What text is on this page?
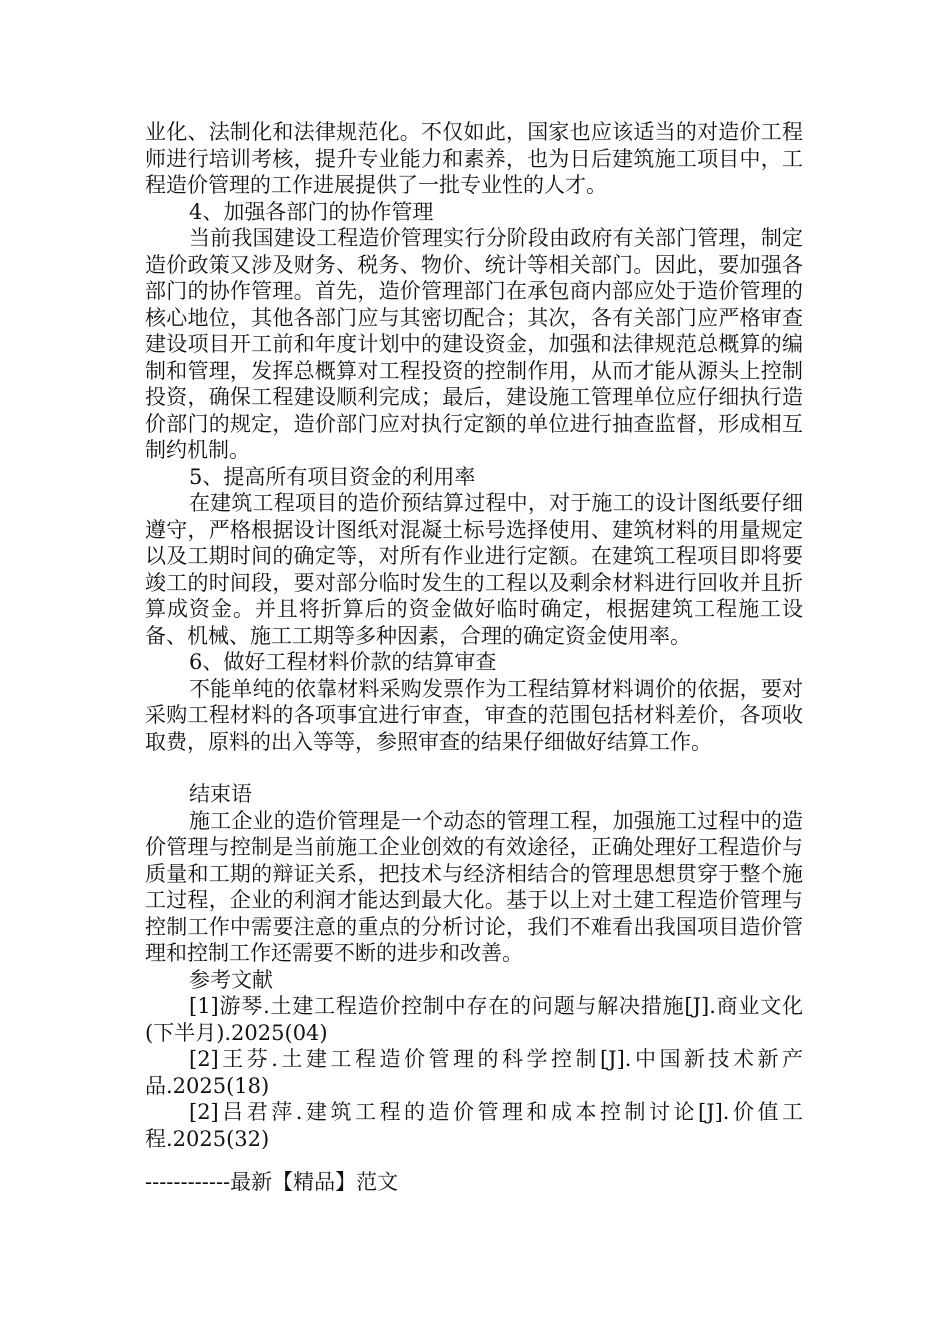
业化、法制化和法律规范化。不仅如此，国家也应该适当的对造价工程师进行培训考核，提升专业能力和素养，也为日后建筑施工项目中，工程造价管理的工作进展提供了一批专业性的人才。

4、加强各部门的协作管理

当前我国建设工程造价管理实行分阶段由政府有关部门管理，制定造价政策又涉及财务、税务、物价、统计等相关部门。因此，要加强各部门的协作管理。首先，造价管理部门在承包商内部应处于造价管理的核心地位，其他各部门应与其密切配合；其次，各有关部门应严格审查建设项目开工前和年度计划中的建设资金，加强和法律规范总概算的编制和管理，发挥总概算对工程投资的控制作用，从而才能从源头上控制投资，确保工程建设顺利完成；最后，建设施工管理单位应仔细执行造价部门的规定，造价部门应对执行定额的单位进行抽查监督，形成相互制约机制。

5、提高所有项目资金的利用率

在建筑工程项目的造价预结算过程中，对于施工的设计图纸要仔细遵守，严格根据设计图纸对混凝土标号选择使用、建筑材料的用量规定以及工期时间的确定等，对所有作业进行定额。在建筑工程项目即将要竣工的时间段，要对部分临时发生的工程以及剩余材料进行回收并且折算成资金。并且将折算后的资金做好临时确定，根据建筑工程施工设备、机械、施工工期等多种因素，合理的确定资金使用率。

6、做好工程材料价款的结算审查

不能单纯的依靠材料采购发票作为工程结算材料调价的依据，要对采购工程材料的各项事宜进行审查，审查的范围包括材料差价，各项收取费，原料的出入等等，参照审查的结果仔细做好结算工作。

结束语

施工企业的造价管理是一个动态的管理工程，加强施工过程中的造价管理与控制是当前施工企业创效的有效途径，正确处理好工程造价与质量和工期的辩证关系，把技术与经济相结合的管理思想贯穿于整个施工过程，企业的利润才能达到最大化。基于以上对土建工程造价管理与控制工作中需要注意的重点的分析讨论，我们不难看出我国项目造价管理和控制工作还需要不断的进步和改善。

参考文献

[1]游琴.土建工程造价控制中存在的问题与解决措施[J].商业文化(下半月).2025(04)

[2]王芬.土建工程造价管理的科学控制[J].中国新技术新产品.2025(18)

[2]吕君萍.建筑工程的造价管理和成本控制讨论[J].价值工程.2025(32)

------------最新【精品】范文
